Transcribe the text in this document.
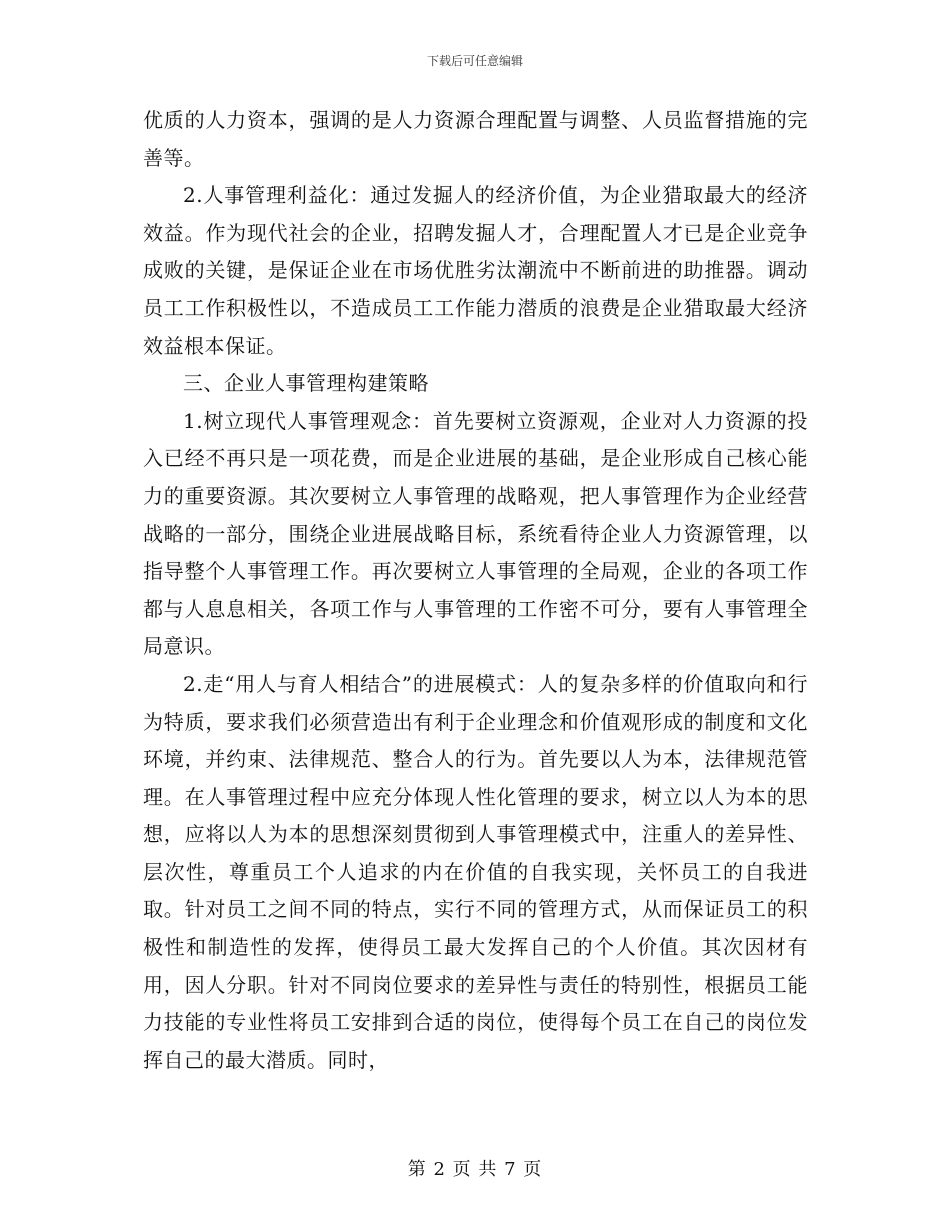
下载后可任意编辑

优质的人力资本，强调的是人力资源合理配置与调整、人员监督措施的完善等。

2.人事管理利益化：通过发掘人的经济价值，为企业猎取最大的经济效益。作为现代社会的企业，招聘发掘人才，合理配置人才已是企业竞争成败的关键，是保证企业在市场优胜劣汰潮流中不断前进的助推器。调动员工工作积极性以，不造成员工工作能力潜质的浪费是企业猎取最大经济效益根本保证。

三、企业人事管理构建策略

1.树立现代人事管理观念：首先要树立资源观，企业对人力资源的投入已经不再只是一项花费，而是企业进展的基础，是企业形成自己核心能力的重要资源。其次要树立人事管理的战略观，把人事管理作为企业经营战略的一部分，围绕企业进展战略目标，系统看待企业人力资源管理，以指导整个人事管理工作。再次要树立人事管理的全局观，企业的各项工作都与人息息相关，各项工作与人事管理的工作密不可分，要有人事管理全局意识。

2.走“用人与育人相结合”的进展模式：人的复杂多样的价值取向和行为特质，要求我们必须营造出有利于企业理念和价值观形成的制度和文化环境，并约束、法律规范、整合人的行为。首先要以人为本，法律规范管理。在人事管理过程中应充分体现人性化管理的要求，树立以人为本的思想，应将以人为本的思想深刻贯彻到人事管理模式中，注重人的差异性、层次性，尊重员工个人追求的内在价值的自我实现，关怀员工的自我进取。针对员工之间不同的特点，实行不同的管理方式，从而保证员工的积极性和制造性的发挥，使得员工最大发挥自己的个人价值。其次因材有用，因人分职。针对不同岗位要求的差异性与责任的特别性，根据员工能力技能的专业性将员工安排到合适的岗位，使得每个员工在自己的岗位发挥自己的最大潜质。同时，

第 2 页 共 7 页
